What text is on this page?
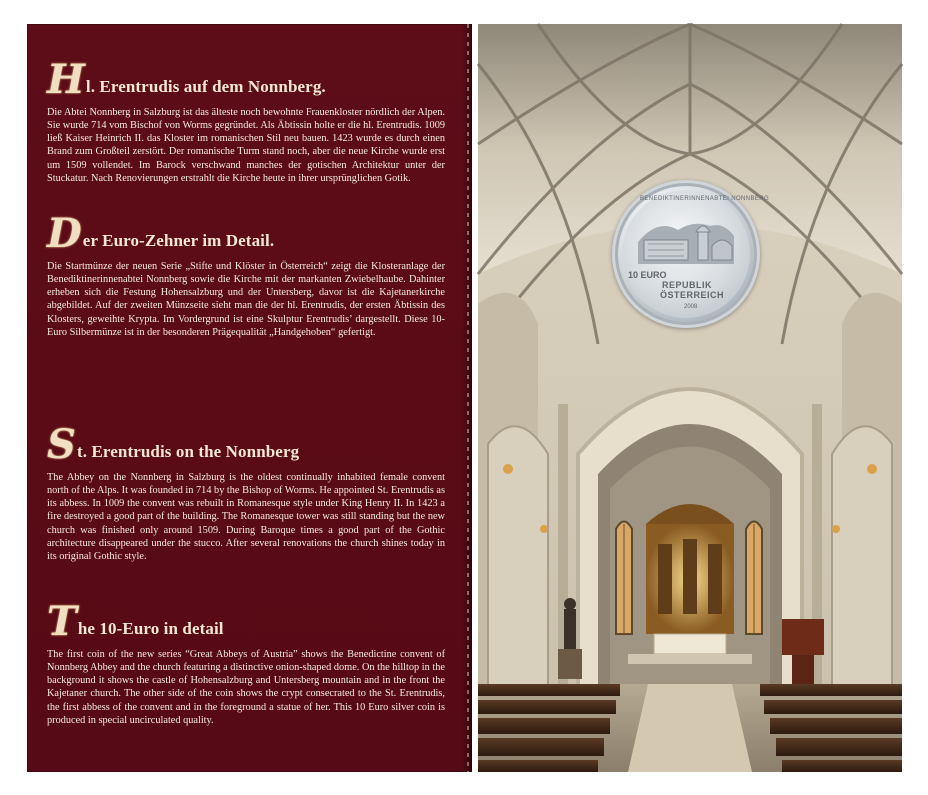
H l. Erentrudis auf dem Nonnberg.

Die Abtei Nonnberg in Salzburg ist das älteste noch bewohnte Frauenkloster nördlich der Alpen. Sie wurde 714 vom Bischof von Worms gegründet. Als Äbtissin holte er die hl. Erentrudis. 1009 ließ Kaiser Heinrich II. das Kloster im romanischen Stil neu bauen. 1423 wurde es durch einen Brand zum Großteil zerstört. Der romanische Turm stand noch, aber die neue Kirche wurde erst um 1509 vollendet. Im Barock verschwand manches der gotischen Architektur unter der Stuckatur. Nach Renovierungen erstrahlt die Kirche heute in ihrer ursprünglichen Gotik.

D er Euro-Zehner im Detail.

Die Startmünze der neuen Serie „Stifte und Klöster in Österreich“ zeigt die Klosteranlage der Benediktinerinnenabtei Nonnberg sowie die Kirche mit der markanten Zwiebelhaube. Dahinter erheben sich die Festung Hohensalzburg und der Untersberg, davor ist die Kajetanerkirche abgebildet. Auf der zweiten Münzseite sieht man die der hl. Erentrudis, der ersten Äbtissin des Klosters, geweihte Krypta. Im Vordergrund ist eine Skulptur Erentrudis’ dargestellt. Diese 10-Euro Silbermünze ist in der besonderen Prägequalität „Handgehoben“ gefertigt.

S t. Erentrudis on the Nonnberg

The Abbey on the Nonnberg in Salzburg is the oldest continually inhabited female convent north of the Alps. It was founded in 714 by the Bishop of Worms. He appointed St. Erentrudis as its abbess. In 1009 the convent was rebuilt in Romanesque style under King Henry II. In 1423 a fire destroyed a good part of the building. The Romanesque tower was still standing but the new church was finished only around 1509. During Baroque times a good part of the Gothic architecture disappeared under the stucco. After several renovations the church shines today in its original Gothic style.

T he 10-Euro in detail

The first coin of the new series “Great Abbeys of Austria” shows the Benedictine convent of Nonnberg Abbey and the church featuring a distinctive onion-shaped dome. On the hilltop in the background it shows the castle of Hohensalzburg and Untersberg mountain and in the front the Kajetaner church. The other side of the coin shows the crypt consecrated to the St. Erentrudis, the first abbess of the convent and in the foreground a statue of her. This 10 Euro silver coin is produced in special uncirculated quality.

BENEDIKTINERINNENABTEI NONNBERG
10 EURO
REPUBLIK
ÖSTERREICH
2008
